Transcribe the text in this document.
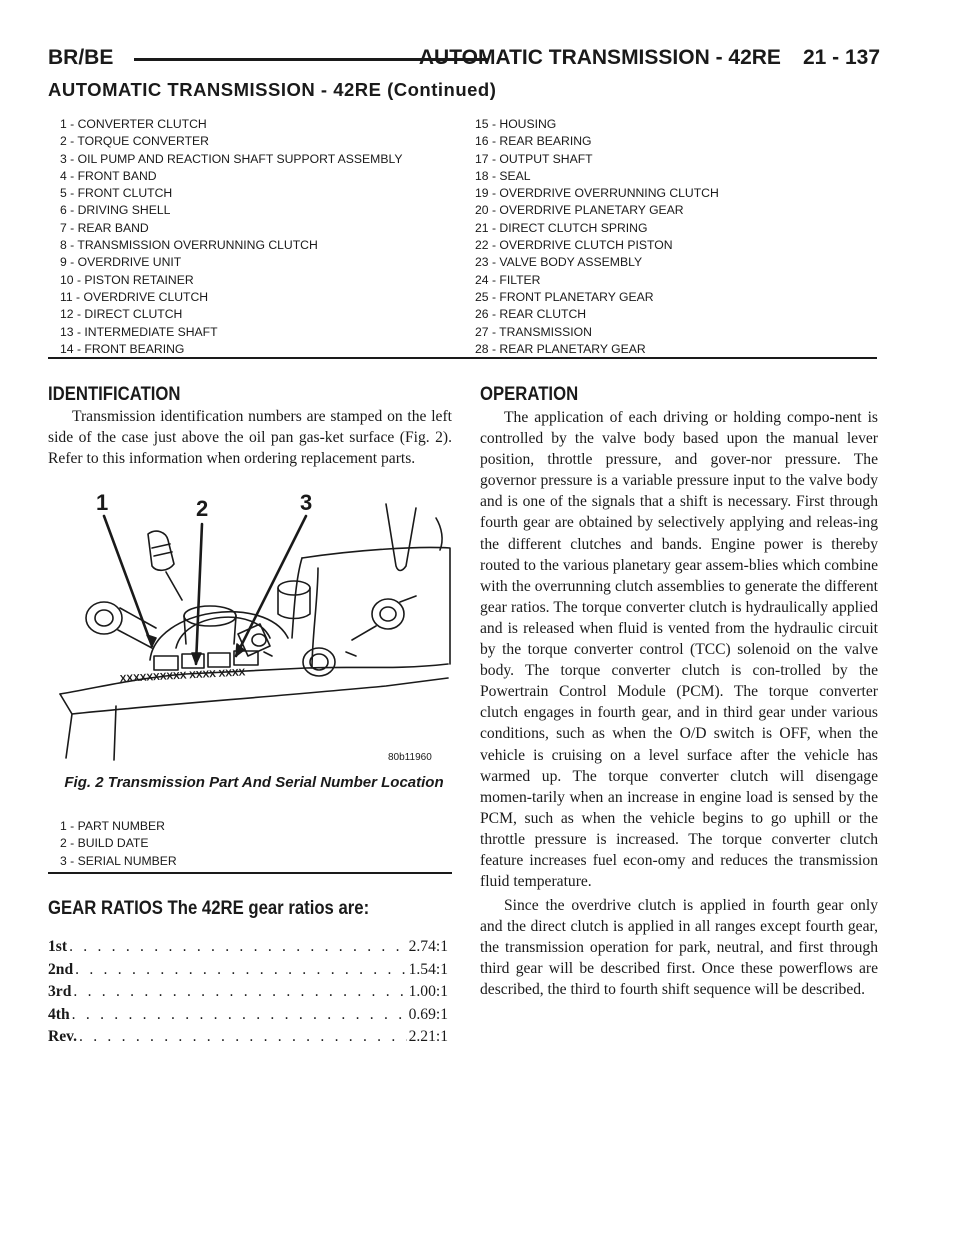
BR/BE	AUTOMATIC TRANSMISSION - 42RE 21 - 137
AUTOMATIC TRANSMISSION - 42RE (Continued)
1 - CONVERTER CLUTCH
2 - TORQUE CONVERTER
3 - OIL PUMP AND REACTION SHAFT SUPPORT ASSEMBLY
4 - FRONT BAND
5 - FRONT CLUTCH
6 - DRIVING SHELL
7 - REAR BAND
8 - TRANSMISSION OVERRUNNING CLUTCH
9 - OVERDRIVE UNIT
10 - PISTON RETAINER
11 - OVERDRIVE CLUTCH
12 - DIRECT CLUTCH
13 - INTERMEDIATE SHAFT
14 - FRONT BEARING
15 - HOUSING
16 - REAR BEARING
17 - OUTPUT SHAFT
18 - SEAL
19 - OVERDRIVE OVERRUNNING CLUTCH
20 - OVERDRIVE PLANETARY GEAR
21 - DIRECT CLUTCH SPRING
22 - OVERDRIVE CLUTCH PISTON
23 - VALVE BODY ASSEMBLY
24 - FILTER
25 - FRONT PLANETARY GEAR
26 - REAR CLUTCH
27 - TRANSMISSION
28 - REAR PLANETARY GEAR
IDENTIFICATION
Transmission identification numbers are stamped on the left side of the case just above the oil pan gas-ket surface (Fig. 2). Refer to this information when ordering replacement parts.
1	2	3
XXXXXXXXXX XXXX XXXX
80b11960
Fig. 2 Transmission Part And Serial Number Location
1 - PART NUMBER
2 - BUILD DATE
3 - SERIAL NUMBER
GEAR RATIOS The 42RE gear ratios are:
1st . . .	2.74:1
2nd . . .	1.54:1
3rd . . .	1.00:1
4th . . .	0.69:1
Rev. . . .	2.21:1
OPERATION
The application of each driving or holding compo-nent is controlled by the valve body based upon the manual lever position, throttle pressure, and gover-nor pressure. The governor pressure is a variable pressure input to the valve body and is one of the signals that a shift is necessary. First through fourth gear are obtained by selectively applying and releas-ing the different clutches and bands. Engine power is thereby routed to the various planetary gear assem-blies which combine with the overrunning clutch assemblies to generate the different gear ratios. The torque converter clutch is hydraulically applied and is released when fluid is vented from the hydraulic circuit by the torque converter control (TCC) solenoid on the valve body. The torque converter clutch is con-trolled by the Powertrain Control Module (PCM). The torque converter clutch engages in fourth gear, and in third gear under various conditions, such as when the O/D switch is OFF, when the vehicle is cruising on a level surface after the vehicle has warmed up. The torque converter clutch will disengage momen-tarily when an increase in engine load is sensed by the PCM, such as when the vehicle begins to go uphill or the throttle pressure is increased. The torque converter clutch feature increases fuel econ-omy and reduces the transmission fluid temperature.
Since the overdrive clutch is applied in fourth gear only and the direct clutch is applied in all ranges except fourth gear, the transmission operation for park, neutral, and first through third gear will be described first. Once these powerflows are described, the third to fourth shift sequence will be described.
